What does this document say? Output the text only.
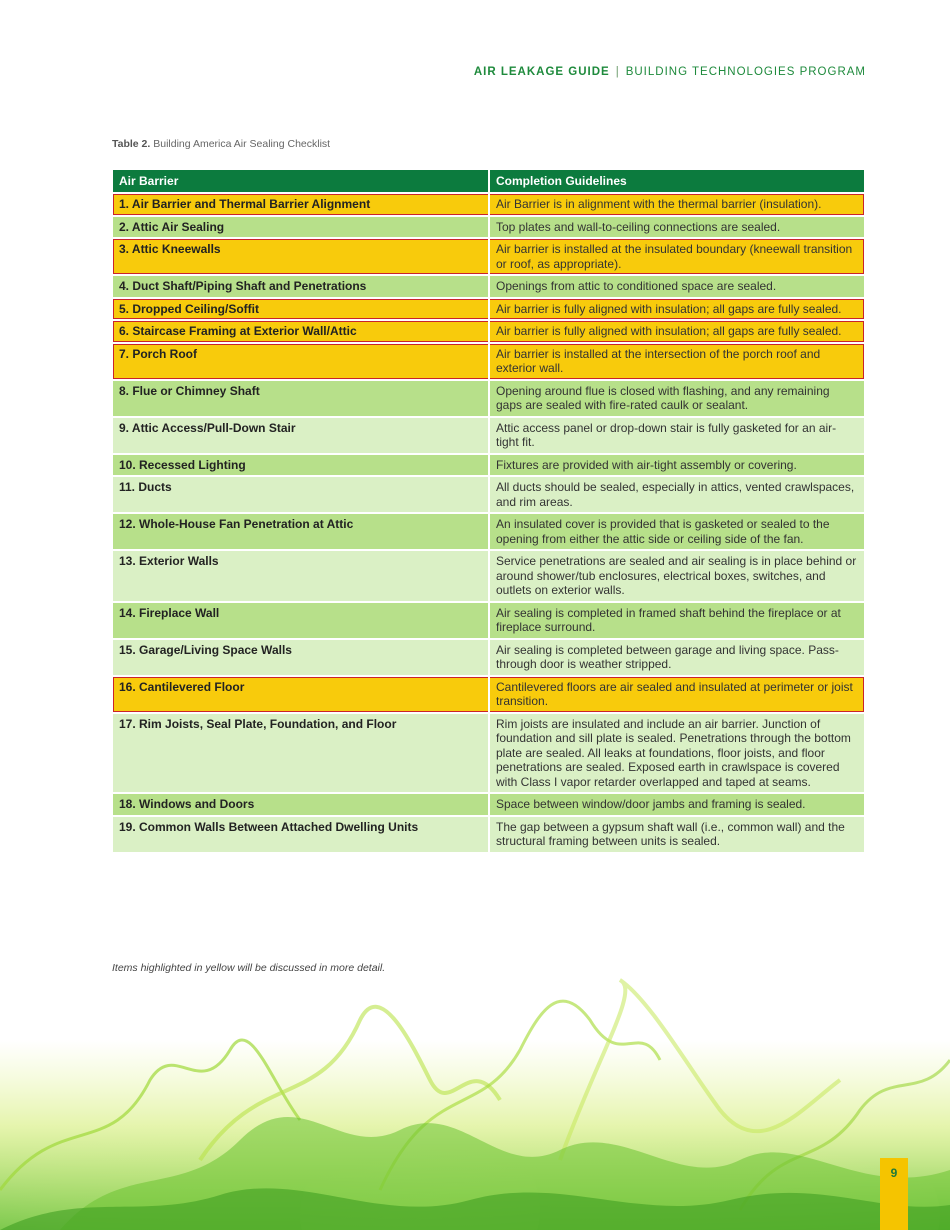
AIR LEAKAGE GUIDE | BUILDING TECHNOLOGIES PROGRAM
Table 2. Building America Air Sealing Checklist
Air Barrier	Completion Guidelines
1. Air Barrier and Thermal Barrier Alignment	Air Barrier is in alignment with the thermal barrier (insulation).
2. Attic Air Sealing	Top plates and wall-to-ceiling connections are sealed.
3. Attic Kneewalls	Air barrier is installed at the insulated boundary (kneewall transition or roof, as appropriate).
4. Duct Shaft/Piping Shaft and Penetrations	Openings from attic to conditioned space are sealed.
5. Dropped Ceiling/Soffit	Air barrier is fully aligned with insulation; all gaps are fully sealed.
6. Staircase Framing at Exterior Wall/Attic	Air barrier is fully aligned with insulation; all gaps are fully sealed.
7. Porch Roof	Air barrier is installed at the intersection of the porch roof and exterior wall.
8. Flue or Chimney Shaft	Opening around flue is closed with flashing, and any remaining gaps are sealed with fire-rated caulk or sealant.
9. Attic Access/Pull-Down Stair	Attic access panel or drop-down stair is fully gasketed for an air-tight fit.
10. Recessed Lighting	Fixtures are provided with air-tight assembly or covering.
11. Ducts	All ducts should be sealed, especially in attics, vented crawlspaces, and rim areas.
12. Whole-House Fan Penetration at Attic	An insulated cover is provided that is gasketed or sealed to the opening from either the attic side or ceiling side of the fan.
13. Exterior Walls	Service penetrations are sealed and air sealing is in place behind or around shower/tub enclosures, electrical boxes, switches, and outlets on exterior walls.
14. Fireplace Wall	Air sealing is completed in framed shaft behind the fireplace or at fireplace surround.
15. Garage/Living Space Walls	Air sealing is completed between garage and living space. Pass-through door is weather stripped.
16. Cantilevered Floor	Cantilevered floors are air sealed and insulated at perimeter or joist transition.
17. Rim Joists, Seal Plate, Foundation, and Floor	Rim joists are insulated and include an air barrier. Junction of foundation and sill plate is sealed. Penetrations through the bottom plate are sealed. All leaks at foundations, floor joists, and floor penetrations are sealed. Exposed earth in crawlspace is covered with Class I vapor retarder overlapped and taped at seams.
18. Windows and Doors	Space between window/door jambs and framing is sealed.
19. Common Walls Between Attached Dwelling Units	The gap between a gypsum shaft wall (i.e., common wall) and the structural framing between units is sealed.
Items highlighted in yellow will be discussed in more detail.
9
